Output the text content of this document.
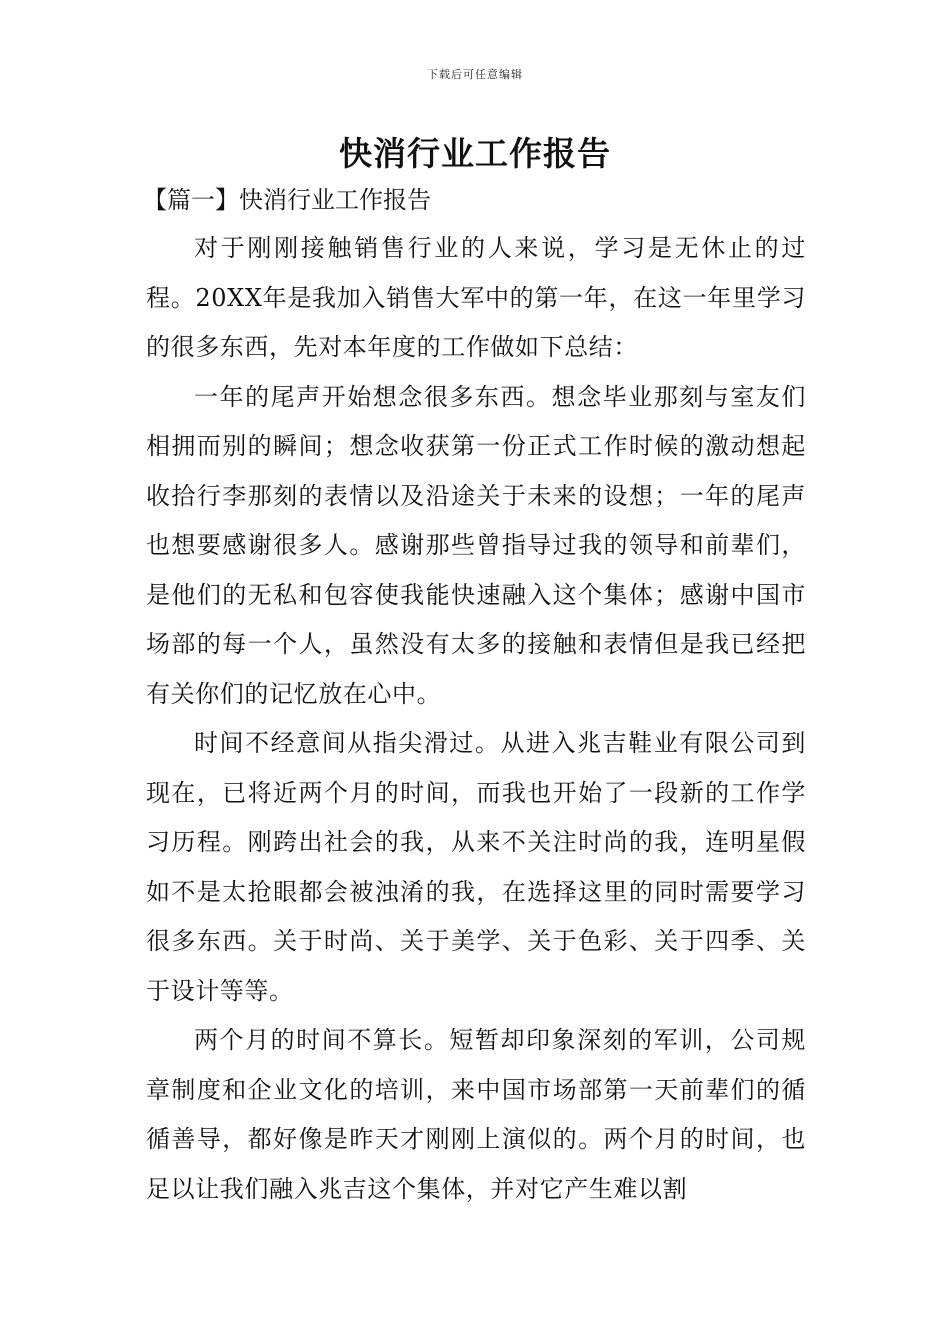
下载后可任意编辑
快消行业工作报告
【篇一】快消行业工作报告

对于刚刚接触销售行业的人来说，学习是无休止的过程。20XX年是我加入销售大军中的第一年，在这一年里学习的很多东西，先对本年度的工作做如下总结：

一年的尾声开始想念很多东西。想念毕业那刻与室友们相拥而别的瞬间；想念收获第一份正式工作时候的激动想起收拾行李那刻的表情以及沿途关于未来的设想；一年的尾声也想要感谢很多人。感谢那些曾指导过我的领导和前辈们，是他们的无私和包容使我能快速融入这个集体；感谢中国市场部的每一个人，虽然没有太多的接触和表情但是我已经把有关你们的记忆放在心中。

时间不经意间从指尖滑过。从进入兆吉鞋业有限公司到现在，已将近两个月的时间，而我也开始了一段新的工作学习历程。刚跨出社会的我，从来不关注时尚的我，连明星假如不是太抢眼都会被浊淆的我，在选择这里的同时需要学习很多东西。关于时尚、关于美学、关于色彩、关于四季、关于设计等等。

两个月的时间不算长。短暂却印象深刻的军训，公司规章制度和企业文化的培训，来中国市场部第一天前辈们的循循善导，都好像是昨天才刚刚上演似的。两个月的时间，也足以让我们融入兆吉这个集体，并对它产生难以割
